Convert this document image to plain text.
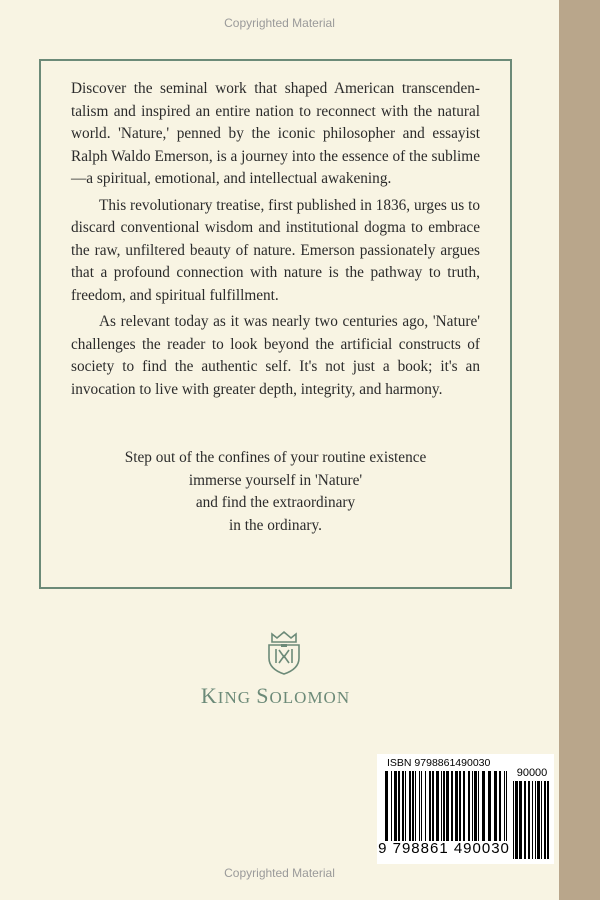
Copyrighted Material

Discover the seminal work that shaped American transcendentalism and inspired an entire nation to reconnect with the natural world. 'Nature,' penned by the iconic philosopher and essayist Ralph Waldo Emerson, is a journey into the essence of the sublime—a spiritual, emotional, and intellectual awakening.

This revolutionary treatise, first published in 1836, urges us to discard conventional wisdom and institutional dogma to embrace the raw, unfiltered beauty of nature. Emerson passionately argues that a profound connection with nature is the pathway to truth, freedom, and spiritual fulfillment.

As relevant today as it was nearly two centuries ago, 'Nature' challenges the reader to look beyond the artificial constructs of society to find the authentic self. It's not just a book; it's an invocation to live with greater depth, integrity, and harmony.

Step out of the confines of your routine existence
immerse yourself in 'Nature'
and find the extraordinary
in the ordinary.
KING SOLOMON
ISBN 9798861490030
9 798861 490030
90000
Copyrighted Material
